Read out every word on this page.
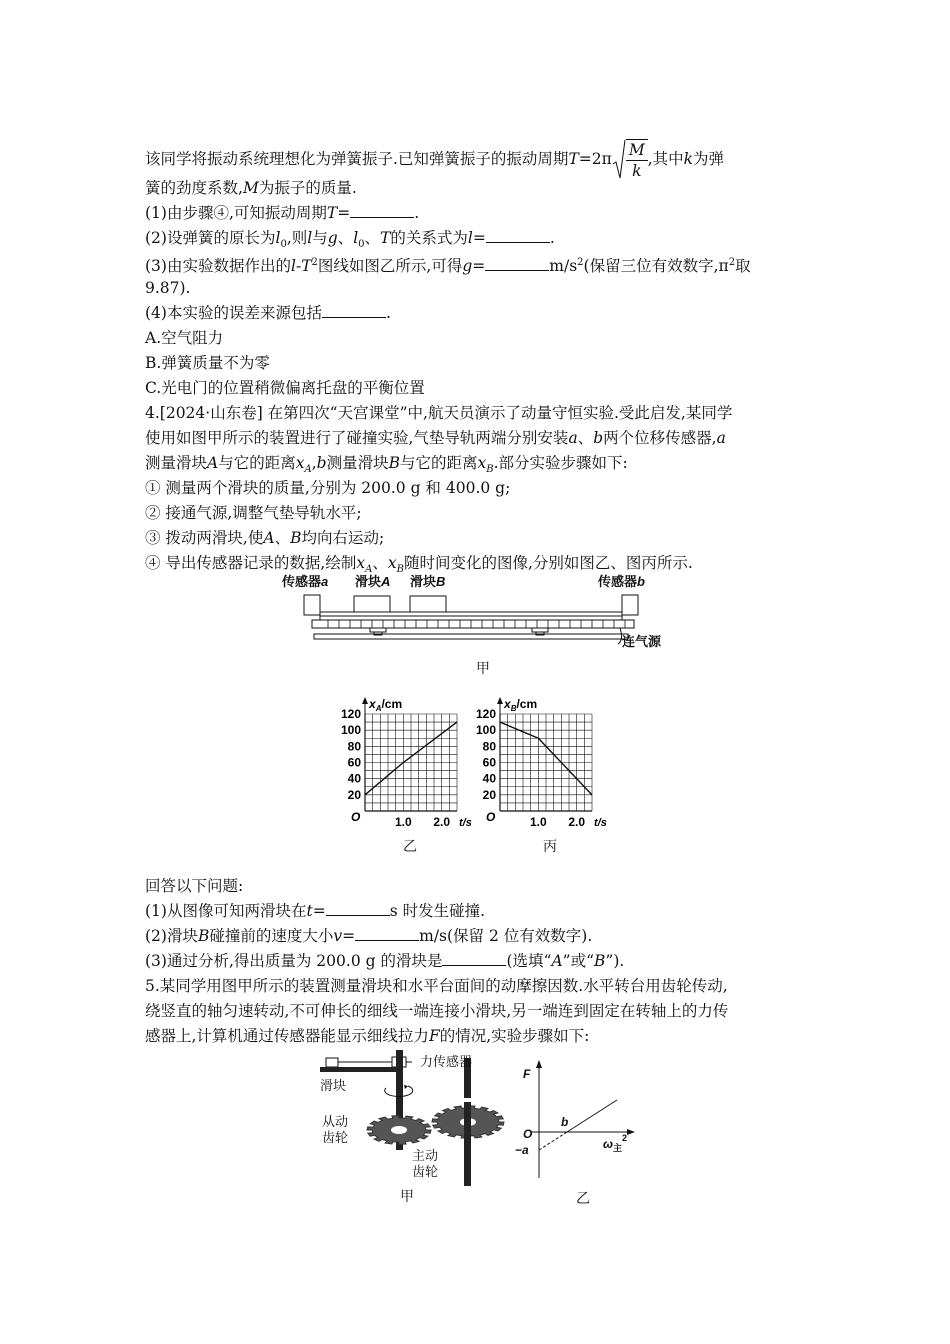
该同学将振动系统理想化为弹簧振子.已知弹簧振子的振动周期$T=2\pi \frac{M}{k}$ ,其中k为弹
簧的劲度系数,M为振子的质量.
(1)由步骤④,可知振动周期T=	.
(2)设弹簧的原长为$l_0$,则l与g、$l_0$、T的关系式为l=	.
(3)由实验数据作出的$l-T^2$图线如图乙所示,可得g=	$m/s^2$(保留三位有效数字$,\pi^2$取
9.87).
(4)本实验的误差来源包括	.
A.空气阻力
B.弹簧质量不为零
C.光电门的位置稍微偏离托盘的平衡位置
4.[2024·山东卷] 在第四次“天宫课堂”中,航天员演示了动量守恒实验.受此启发,某同学
使用如图甲所示的装置进行了碰撞实验,气垫导轨两端分别安装a、b两个位移传感器,a
测量滑块A与它的距离$x_A,b$测量滑块B与它的距离$x_B$.部分实验步骤如下:
① 测量两个滑块的质量,分别为 200.0 g 和 400.0 g;
② 接通气源,调整气垫导轨水平;
③ 拨动两滑块,使A、B均向右运动;
④ 导出传感器记录的数据,绘制$x_A$、$x_B$随时间变化的图像,分别如图乙、图丙所示.
传感器a 滑块A 滑块B	传感器b
连气源
甲
20
40
60
80
100
120
1.0 2.0
O	t/s
$x_A/cm$
20
40
60
80
100
120
1.0 2.0
O	t/s
$x_B/cm$
乙	丙
回答以下问题:
(1)从图像可知两滑块在t=	s 时发生碰撞.
(2)滑块B碰撞前的速度大小v=	m/s(保留 2 位有效数字).
(3)通过分析,得出质量为 200.0 g 的滑块是	(选填“A”或“B”).
5.某同学用图甲所示的装置测量滑块和水平台面间的动摩擦因数.水平转台用齿轮传动,
绕竖直的轴匀速转动,不可伸长的细线一端连接小滑块,另一端连到固定在转轴上的力传
感器上,计算机通过传感器能显示细线拉力F的情况,实验步骤如下:
力传感器
滑块
从动
齿轮
主动
齿轮
甲
F
O
b
−a	$\omega_主^2$
乙
